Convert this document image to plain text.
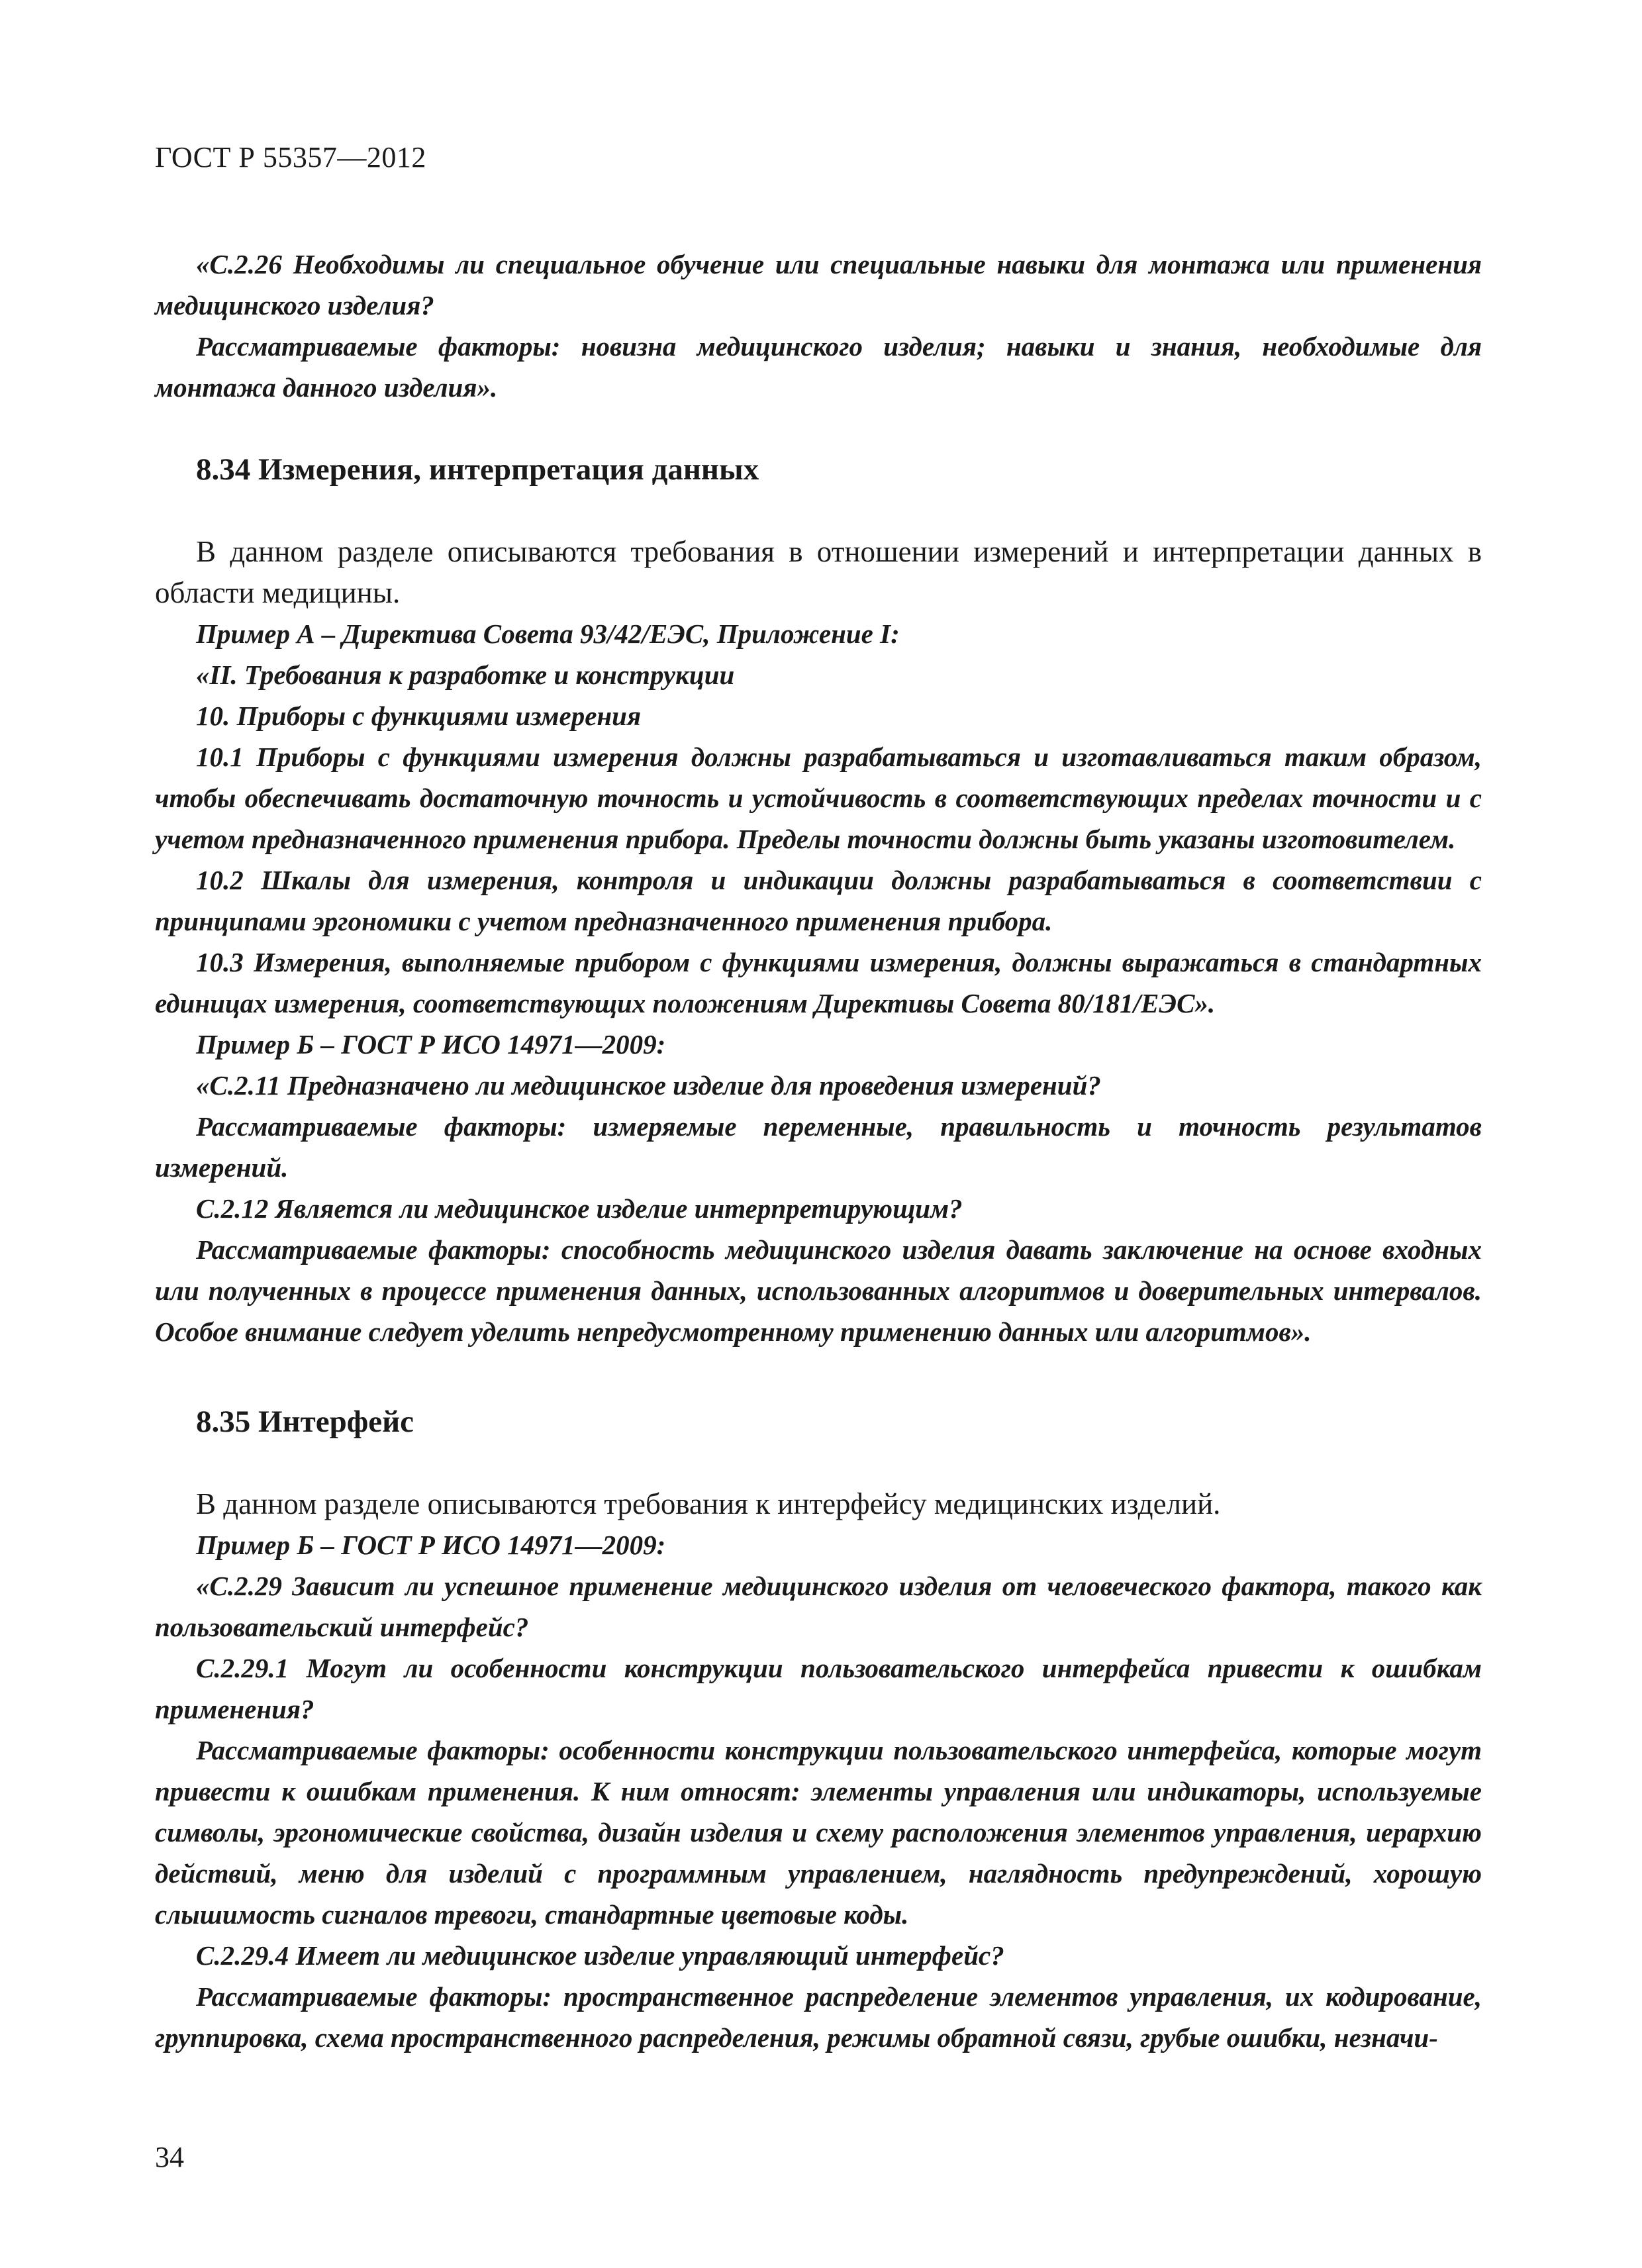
ГОСТ Р 55357—2012

«С.2.26 Необходимы ли специальное обучение или специальные навыки для монтажа или применения медицинского изделия?

Рассматриваемые факторы: новизна медицинского изделия; навыки и знания, необходимые для монтажа данного изделия».

8.34 Измерения, интерпретация данных

В данном разделе описываются требования в отношении измерений и интерпретации данных в области медицины.

Пример А – Директива Совета 93/42/ЕЭС, Приложение I:

«II. Требования к разработке и конструкции

10. Приборы с функциями измерения

10.1 Приборы с функциями измерения должны разрабатываться и изготавливаться таким образом, чтобы обеспечивать достаточную точность и устойчивость в соответствующих пределах точности и с учетом предназначенного применения прибора. Пределы точности должны быть указаны изготовителем.

10.2 Шкалы для измерения, контроля и индикации должны разрабатываться в соответствии с принципами эргономики с учетом предназначенного применения прибора.

10.3 Измерения, выполняемые прибором с функциями измерения, должны выражаться в стандартных единицах измерения, соответствующих положениям Директивы Совета 80/181/ЕЭС».

Пример Б – ГОСТ Р ИСО 14971—2009:

«С.2.11 Предназначено ли медицинское изделие для проведения измерений?

Рассматриваемые факторы: измеряемые переменные, правильность и точность результатов измерений.

С.2.12 Является ли медицинское изделие интерпретирующим?

Рассматриваемые факторы: способность медицинского изделия давать заключение на основе входных или полученных в процессе применения данных, использованных алгоритмов и доверительных интервалов. Особое внимание следует уделить непредусмотренному применению данных или алгоритмов».

8.35 Интерфейс

В данном разделе описываются требования к интерфейсу медицинских изделий.

Пример Б – ГОСТ Р ИСО 14971—2009:

«С.2.29 Зависит ли успешное применение медицинского изделия от человеческого фактора, такого как пользовательский интерфейс?

С.2.29.1 Могут ли особенности конструкции пользовательского интерфейса привести к ошибкам применения?

Рассматриваемые факторы: особенности конструкции пользовательского интерфейса, которые могут привести к ошибкам применения. К ним относят: элементы управления или индикаторы, используемые символы, эргономические свойства, дизайн изделия и схему расположения элементов управления, иерархию действий, меню для изделий с программным управлением, наглядность предупреждений, хорошую слышимость сигналов тревоги, стандартные цветовые коды.

С.2.29.4 Имеет ли медицинское изделие управляющий интерфейс?

Рассматриваемые факторы: пространственное распределение элементов управления, их кодирование, группировка, схема пространственного распределения, режимы обратной связи, грубые ошибки, незначи-

34
